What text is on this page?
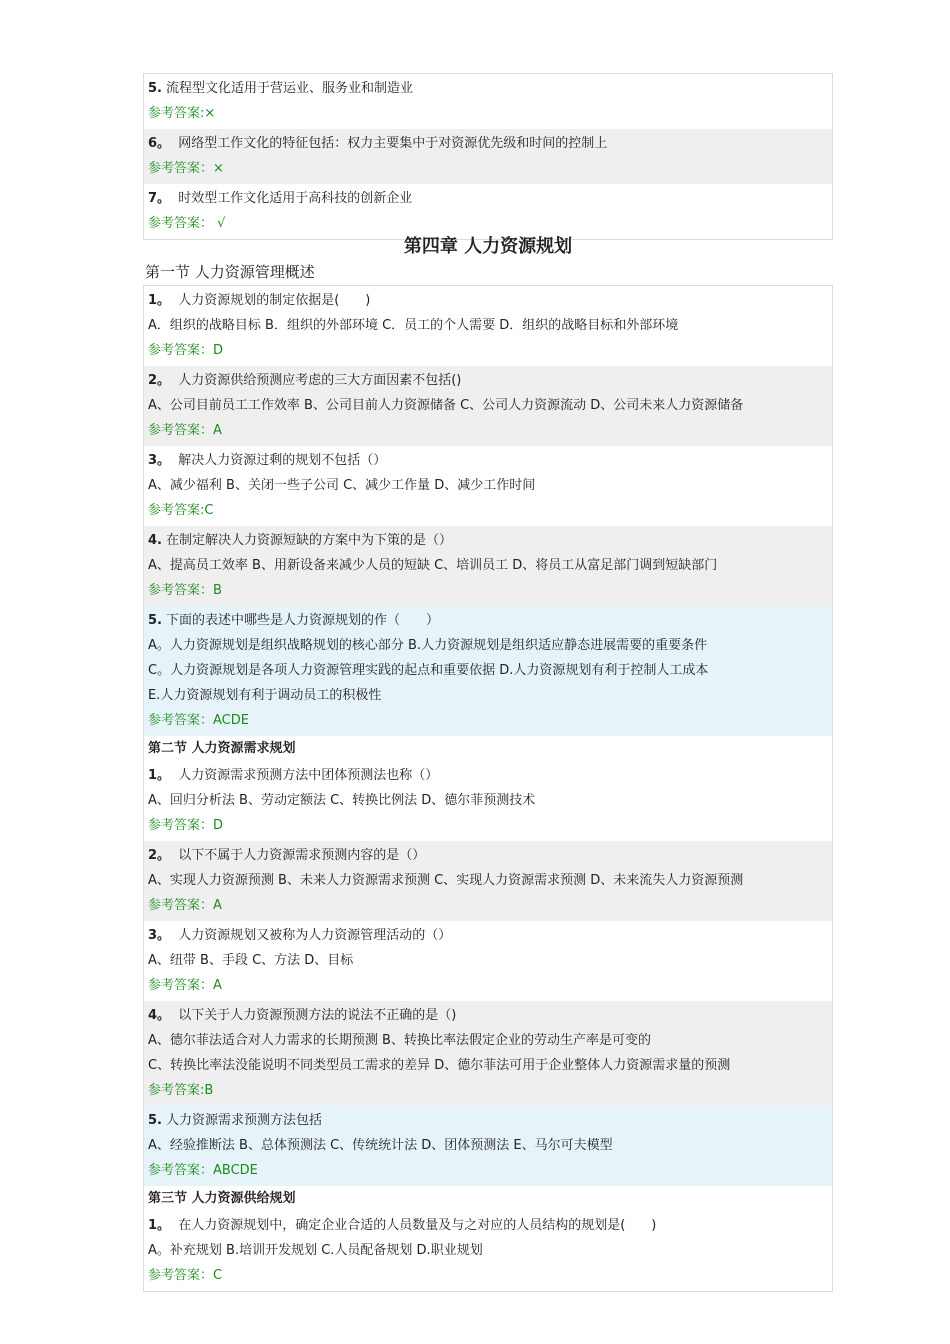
5. 流程型文化适用于营运业、服务业和制造业
参考答案:×
6。 网络型工作文化的特征包括：权力主要集中于对资源优先级和时间的控制上
参考答案：×
7。 时效型工作文化适用于高科技的创新企业
参考答案： √
第四章 人力资源规划
第一节 人力资源管理概述
1。 人力资源规划的制定依据是(　　)
A．组织的战略目标 B．组织的外部环境 C．员工的个人需要 D．组织的战略目标和外部环境
参考答案：D
2。 人力资源供给预测应考虑的三大方面因素不包括()
A、公司目前员工工作效率 B、公司目前人力资源储备 C、公司人力资源流动 D、公司未来人力资源储备
参考答案：A
3。 解决人力资源过剩的规划不包括（）
A、减少福利 B、关闭一些子公司 C、减少工作量 D、减少工作时间
参考答案:C
4. 在制定解决人力资源短缺的方案中为下策的是（）
A、提高员工效率 B、用新设备来减少人员的短缺 C、培训员工 D、将员工从富足部门调到短缺部门
参考答案：B
5. 下面的表述中哪些是人力资源规划的作（　　）
A。人力资源规划是组织战略规划的核心部分 B.人力资源规划是组织适应静态进展需要的重要条件
C。人力资源规划是各项人力资源管理实践的起点和重要依据 D.人力资源规划有利于控制人工成本
E.人力资源规划有利于调动员工的积极性
参考答案：ACDE
第二节 人力资源需求规划
1。 人力资源需求预测方法中团体预测法也称（）
A、回归分析法 B、劳动定额法 C、转换比例法 D、德尔菲预测技术
参考答案：D
2。 以下不属于人力资源需求预测内容的是（）
A、实现人力资源预测 B、未来人力资源需求预测 C、实现人力资源需求预测 D、未来流失人力资源预测
参考答案：A
3。 人力资源规划又被称为人力资源管理活动的（）
A、纽带 B、手段 C、方法 D、目标
参考答案：A
4。 以下关于人力资源预测方法的说法不正确的是（)
A、德尔菲法适合对人力需求的长期预测 B、转换比率法假定企业的劳动生产率是可变的
C、转换比率法没能说明不同类型员工需求的差异 D、德尔菲法可用于企业整体人力资源需求量的预测
参考答案:B
5. 人力资源需求预测方法包括
A、经验推断法 B、总体预测法 C、传统统计法 D、团体预测法 E、马尔可夫模型
参考答案：ABCDE
第三节 人力资源供给规划
1。 在人力资源规划中，确定企业合适的人员数量及与之对应的人员结构的规划是(　　)
A。补充规划 B.培训开发规划 C.人员配备规划 D.职业规划
参考答案：C
